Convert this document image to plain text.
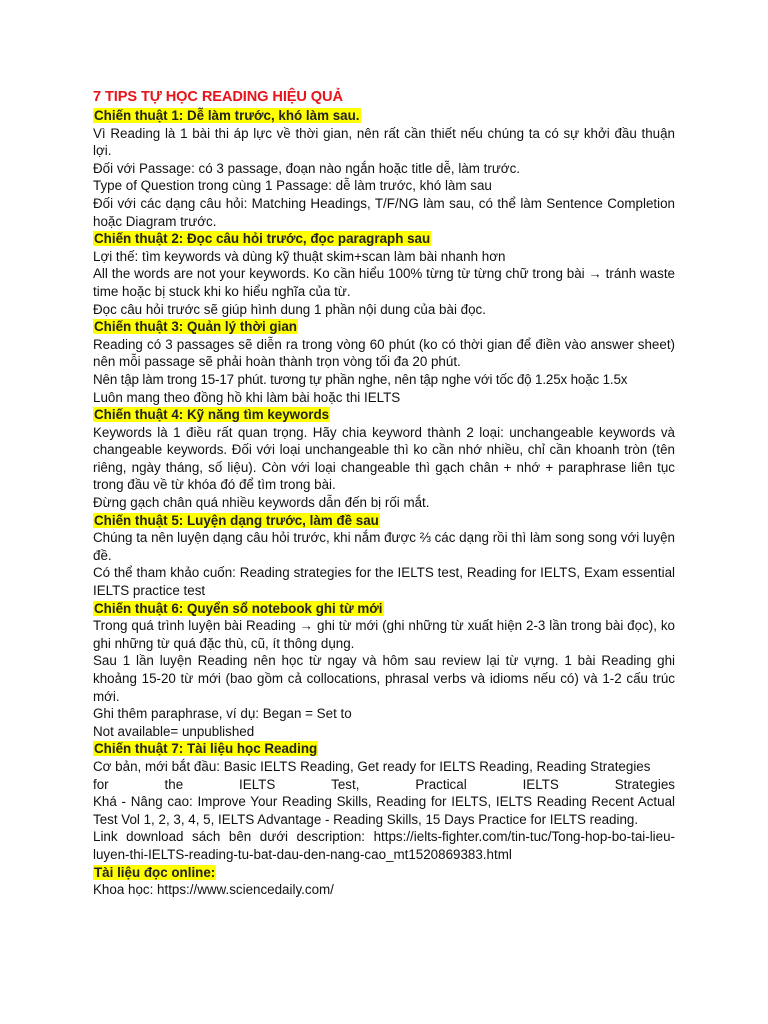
7 TIPS TỰ HỌC READING HIỆU QUẢ
Chiến thuật 1: Dễ làm trước, khó làm sau.

Vì Reading là 1 bài thi áp lực về thời gian, nên rất cần thiết nếu chúng ta có sự khởi đầu thuận lợi.

Đối với Passage: có 3 passage, đoạn nào ngắn hoặc title dễ, làm trước.

Type of Question trong cùng 1 Passage: dễ làm trước, khó làm sau

Đối với các dạng câu hỏi: Matching Headings, T/F/NG làm sau, có thể làm Sentence Completion hoặc Diagram trước.

Chiến thuật 2: Đọc câu hỏi trước, đọc paragraph sau

Lợi thế: tìm keywords và dùng kỹ thuật skim+scan làm bài nhanh hơn

All the words are not your keywords. Ko cần hiểu 100% từng từ từng chữ trong bài → tránh waste time hoặc bị stuck khi ko hiểu nghĩa của từ.

Đọc câu hỏi trước sẽ giúp hình dung 1 phần nội dung của bài đọc.

Chiến thuật 3: Quản lý thời gian

Reading có 3 passages sẽ diễn ra trong vòng 60 phút (ko có thời gian để điền vào answer sheet) nên mỗi passage sẽ phải hoàn thành trọn vòng tối đa 20 phút.

Nên tập làm trong 15-17 phút. tương tự phần nghe, nên tập nghe với tốc độ 1.25x hoặc 1.5x

Luôn mang theo đồng hồ khi làm bài hoặc thi IELTS

Chiến thuật 4: Kỹ năng tìm keywords

Keywords là 1 điều rất quan trọng. Hãy chia keyword thành 2 loại: unchangeable keywords và changeable keywords. Đối với loại unchangeable thì ko cần nhớ nhiều, chỉ cần khoanh tròn (tên riêng, ngày tháng, số liệu). Còn với loại changeable thì gạch chân + nhớ + paraphrase liên tục trong đầu về từ khóa đó để tìm trong bài.

Đừng gạch chân quá nhiều keywords dẫn đến bị rối mắt.

Chiến thuật 5: Luyện dạng trước, làm đề sau

Chúng ta nên luyện dạng câu hỏi trước, khi nắm được ⅔ các dạng rồi thì làm song song với luyện đề.

Có thể tham khảo cuốn: Reading strategies for the IELTS test, Reading for IELTS, Exam essential IELTS practice test

Chiến thuật 6: Quyển sổ notebook ghi từ mới

Trong quá trình luyện bài Reading → ghi từ mới (ghi những từ xuất hiện 2-3 lần trong bài đọc), ko ghi những từ quá đặc thù, cũ, ít thông dụng.

Sau 1 lần luyện Reading nên học từ ngay và hôm sau review lại từ vựng. 1 bài Reading ghi khoảng 15-20 từ mới (bao gồm cả collocations, phrasal verbs và idioms nếu có) và 1-2 cấu trúc mới.

Ghi thêm paraphrase, ví dụ: Began = Set to

Not available= unpublished

Chiến thuật 7: Tài liệu học Reading

Cơ bản, mới bắt đầu: Basic IELTS Reading, Get ready for IELTS Reading, Reading Strategies

for	the	IELTS	Test,	Practical	IELTS	Strategies

Khá - Nâng cao: Improve Your Reading Skills, Reading for IELTS, IELTS Reading Recent Actual Test Vol 1, 2, 3, 4, 5, IELTS Advantage - Reading Skills, 15 Days Practice for IELTS reading.

Link download sách bên dưới description: https://ielts-fighter.com/tin-tuc/Tong-hop-bo-tai-lieu-luyen-thi-IELTS-reading-tu-bat-dau-den-nang-cao_mt1520869383.html

Tài liệu đọc online:

Khoa học: https://www.sciencedaily.com/
